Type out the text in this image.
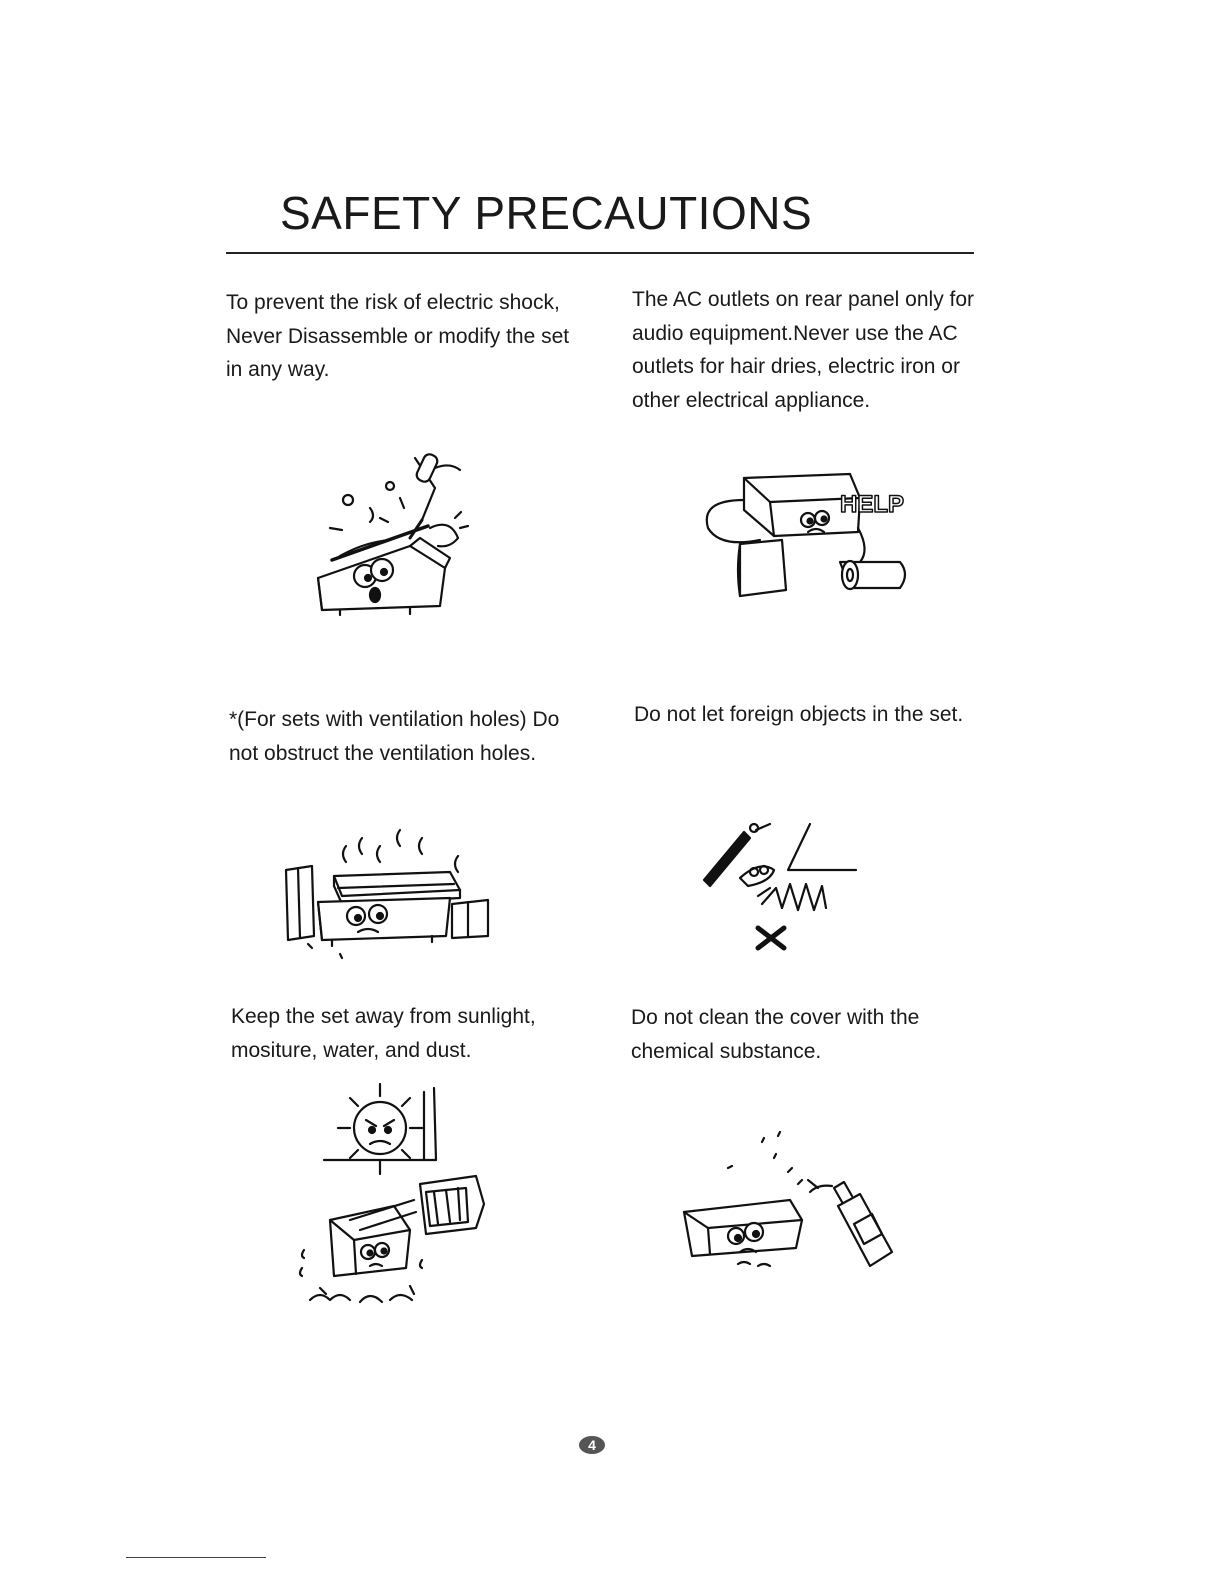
SAFETY PRECAUTIONS

To prevent the risk of electric shock, Never Disassemble or modify the set in any way.

The AC outlets on rear panel only for audio equipment.Never use the AC outlets for hair dries, electric iron or other electrical appliance.

*(For sets with ventilation holes) Do not obstruct the ventilation holes.

Do not let foreign objects in the set.

Keep the set away from sunlight, mositure, water, and dust.

Do not clean the cover with the chemical substance.

HELP
4
